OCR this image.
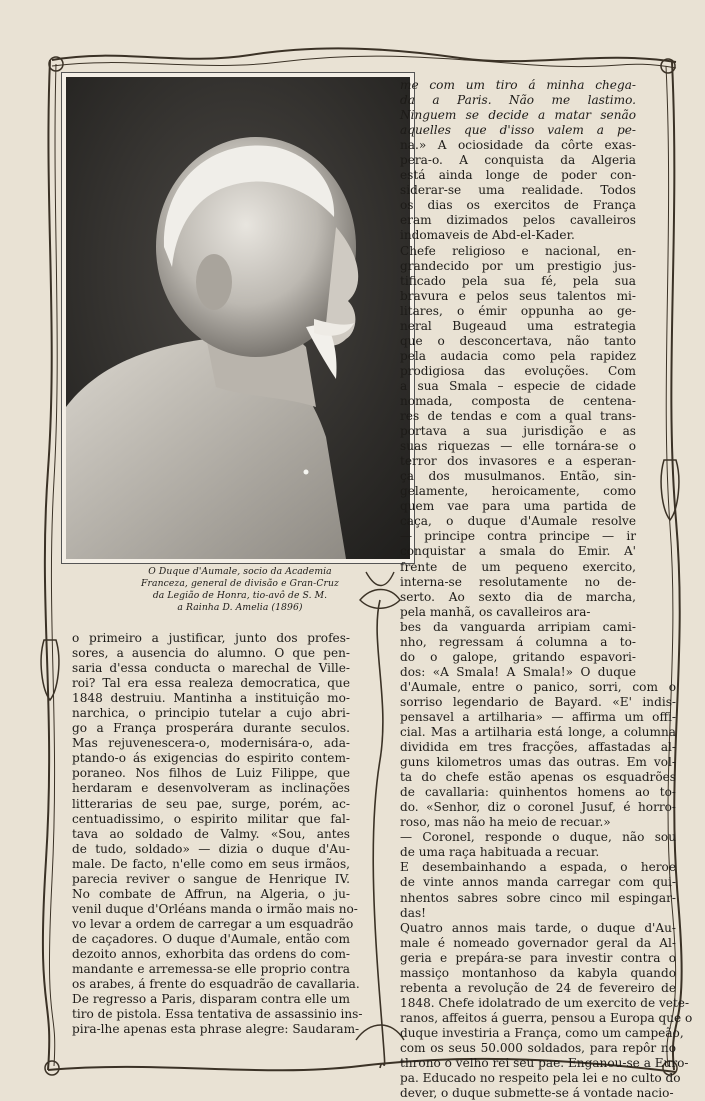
O Duque d'Aumale, socio da Academia
Franceza, general de divisão e Gran-Cruz
da Legião de Honra, tio-avô de S. M.
a Rainha D. Amelia (1896)
me com um tiro á minha chega-
da a Paris. Não me lastimo.
Ninguem se decide a matar senão
aquelles que d'isso valem a pe-
na.» A ociosidade da côrte exas-
pera-o. A conquista da Algeria
está ainda longe de poder con-
siderar-se uma realidade. Todos
os dias os exercitos de França
eram dizimados pelos cavalleiros
indomaveis de Abd-el-Kader.
Chefe religioso e nacional, en-
grandecido por um prestigio jus-
tificado pela sua fé, pela sua
bravura e pelos seus talentos mi-
litares, o émir oppunha ao ge-
neral Bugeaud uma estrategia
que o desconcertava, não tanto
pela audacia como pela rapidez
prodigiosa das evoluções. Com
a sua Smala – especie de cidade
nomada, composta de centena-
res de tendas e com a qual trans-
portava a sua jurisdição e as
suas riquezas — elle tornára-se o
terror dos invasores e a esperan-
ça dos musulmanos. Então, sin-
gelamente, heroicamente, como
quem vae para uma partida de
caça, o duque d'Aumale resolve
— principe contra principe — ir
conquistar a smala do Emir. A'
frente de um pequeno exercito,
interna-se resolutamente no de-
serto. Ao sexto dia de marcha,
pela manhã, os cavalleiros ara-
bes da vanguarda arripiam cami-
nho, regressam á columna a to-
do o galope, gritando espavori-
dos: «A Smala! A Smala!» O duque
d'Aumale, entre o panico, sorri, com o
sorriso legendario de Bayard. «E' indis-
pensavel a artilharia» — affirma um offi-
cial. Mas a artilharia está longe, a columna
dividida em tres fracções, affastadas al-
guns kilometros umas das outras. Em vol-
ta do chefe estão apenas os esquadrões
de cavallaria: quinhentos homens ao to-
do. «Senhor, diz o coronel Jusuf, é horro-
roso, mas não ha meio de recuar.»
— Coronel, responde o duque, não sou
de uma raça habituada a recuar.
E desembainhando a espada, o heroe
de vinte annos manda carregar com qui-
nhentos sabres sobre cinco mil espingar-
das!
Quatro annos mais tarde, o duque d'Au-
male é nomeado governador geral da Al-
geria e prepára-se para investir contra o
massiço montanhoso da kabyla quando
rebenta a revolução de 24 de fevereiro de
1848. Chefe idolatrado de um exercito de vete-
ranos, affeitos á guerra, pensou a Europa que o
duque investiria a França, como um campeão,
com os seus 50.000 soldados, para repôr no
throno o velho rei seu pae. Enganou-se a Euro-
pa. Educado no respeito pela lei e no culto do
dever, o duque submette-se á vontade nacio-
o primeiro a justificar, junto dos profes-
sores, a ausencia do alumno. O que pen-
saria d'essa conducta o marechal de Ville-
roi? Tal era essa realeza democratica, que
1848 destruiu. Mantinha a instituição mo-
narchica, o principio tutelar a cujo abri-
go a França prosperára durante seculos.
Mas rejuvenescera-o, modernisára-o, ada-
ptando-o ás exigencias do espirito contem-
poraneo. Nos filhos de Luiz Filippe, que
herdaram e desenvolveram as inclinações
litterarias de seu pae, surge, porém, ac-
centuadissimo, o espirito militar que fal-
tava ao soldado de Valmy. «Sou, antes
de tudo, soldado» — dizia o duque d'Au-
male. De facto, n'elle como em seus irmãos,
parecia reviver o sangue de Henrique IV.
No combate de Affrun, na Algeria, o ju-
venil duque d'Orléans manda o irmão mais no-
vo levar a ordem de carregar a um esquadrão
de caçadores. O duque d'Aumale, então com
dezoito annos, exhorbita das ordens do com-
mandante e arremessa-se elle proprio contra
os arabes, á frente do esquadrão de cavallaria.
De regresso a Paris, disparam contra elle um
tiro de pistola. Essa tentativa de assassinio ins-
pira-lhe apenas esta phrase alegre: Saudaram-
